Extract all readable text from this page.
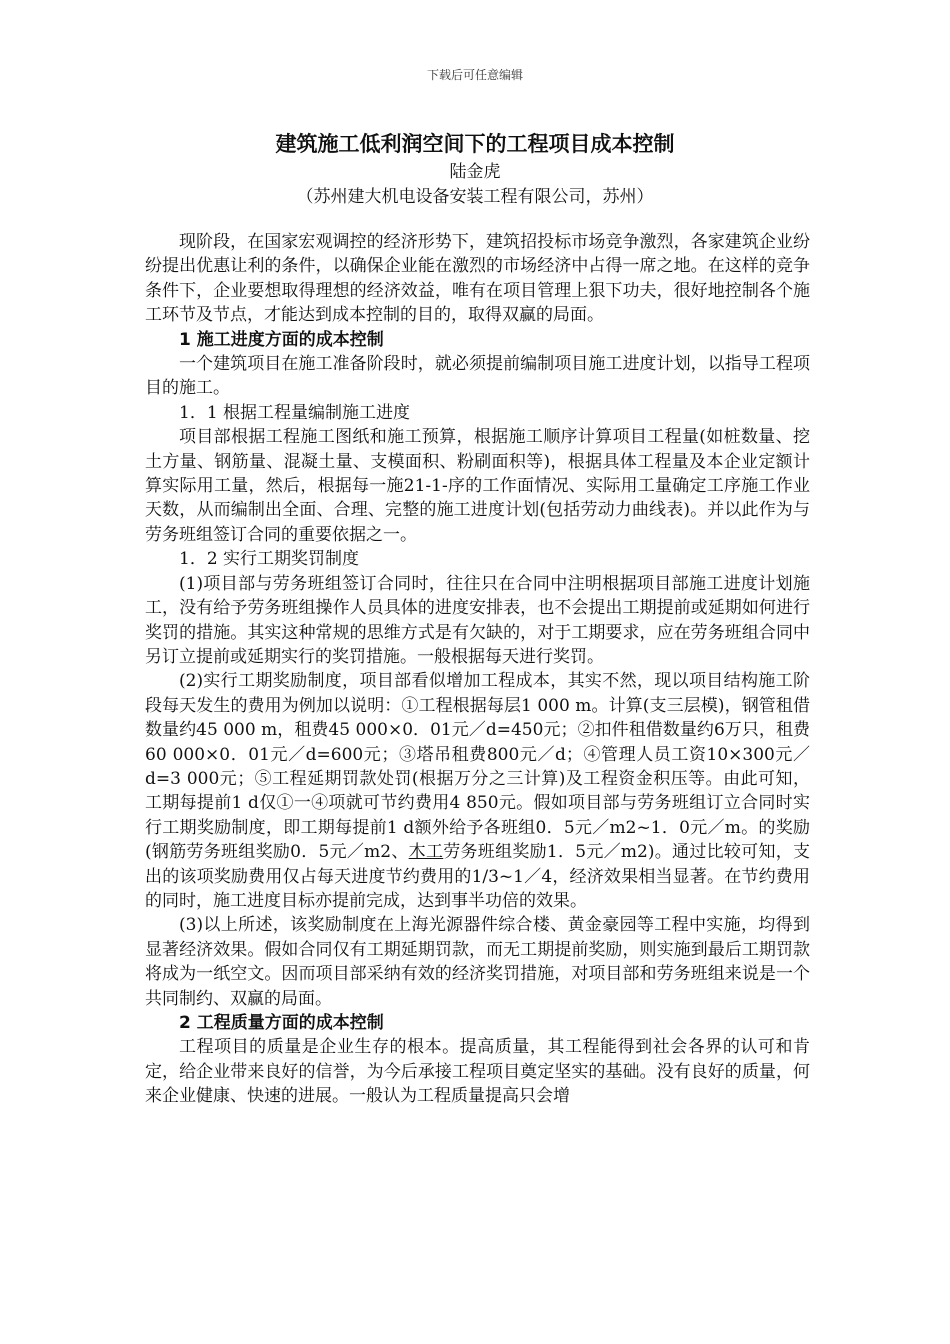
下载后可任意编辑
建筑施工低利润空间下的工程项目成本控制
陆金虎
（苏州建大机电设备安装工程有限公司，苏州）

现阶段，在国家宏观调控的经济形势下，建筑招投标市场竞争激烈，各家建筑企业纷纷提出优惠让利的条件，以确保企业能在激烈的市场经济中占得一席之地。在这样的竞争条件下，企业要想取得理想的经济效益，唯有在项目管理上狠下功夫，很好地控制各个施工环节及节点，才能达到成本控制的目的，取得双赢的局面。

1 施工进度方面的成本控制

一个建筑项目在施工准备阶段时，就必须提前编制项目施工进度计划，以指导工程项目的施工。

1．1 根据工程量编制施工进度

项目部根据工程施工图纸和施工预算，根据施工顺序计算项目工程量(如桩数量、挖土方量、钢筋量、混凝土量、支模面积、粉刷面积等)，根据具体工程量及本企业定额计算实际用工量，然后，根据每一施21-1-序的工作面情况、实际用工量确定工序施工作业天数，从而编制出全面、合理、完整的施工进度计划(包括劳动力曲线表)。并以此作为与劳务班组签订合同的重要依据之一。

1．2 实行工期奖罚制度

(1)项目部与劳务班组签订合同时，往往只在合同中注明根据项目部施工进度计划施工，没有给予劳务班组操作人员具体的进度安排表，也不会提出工期提前或延期如何进行奖罚的措施。其实这种常规的思维方式是有欠缺的，对于工期要求，应在劳务班组合同中另订立提前或延期实行的奖罚措施。一般根据每天进行奖罚。

(2)实行工期奖励制度，项目部看似增加工程成本，其实不然，现以项目结构施工阶段每天发生的费用为例加以说明：①工程根据每层1 000 m。计算(支三层模)，钢管租借数量约45 000 m，租费45 000×0．01元／d=450元；②扣件租借数量约6万只，租费60 000×0．01元／d=600元；③塔吊租费800元／d；④管理人员工资10×300元／d=3 000元；⑤工程延期罚款处罚(根据万分之三计算)及工程资金积压等。由此可知，工期每提前1 d仅①一④项就可节约费用4 850元。假如项目部与劳务班组订立合同时实行工期奖励制度，即工期每提前1 d额外给予各班组0．5元／m2~1．0元／m。的奖励(钢筋劳务班组奖励0．5元／m2、木工劳务班组奖励1．5元／m2)。通过比较可知，支出的该项奖励费用仅占每天进度节约费用的1/3~1／4，经济效果相当显著。在节约费用的同时，施工进度目标亦提前完成，达到事半功倍的效果。

(3)以上所述，该奖励制度在上海光源器件综合楼、黄金豪园等工程中实施，均得到显著经济效果。假如合同仅有工期延期罚款，而无工期提前奖励，则实施到最后工期罚款将成为一纸空文。因而项目部采纳有效的经济奖罚措施，对项目部和劳务班组来说是一个共同制约、双赢的局面。

2 工程质量方面的成本控制

工程项目的质量是企业生存的根本。提高质量，其工程能得到社会各界的认可和肯定，给企业带来良好的信誉，为今后承接工程项目奠定坚实的基础。没有良好的质量，何来企业健康、快速的进展。一般认为工程质量提高只会增
